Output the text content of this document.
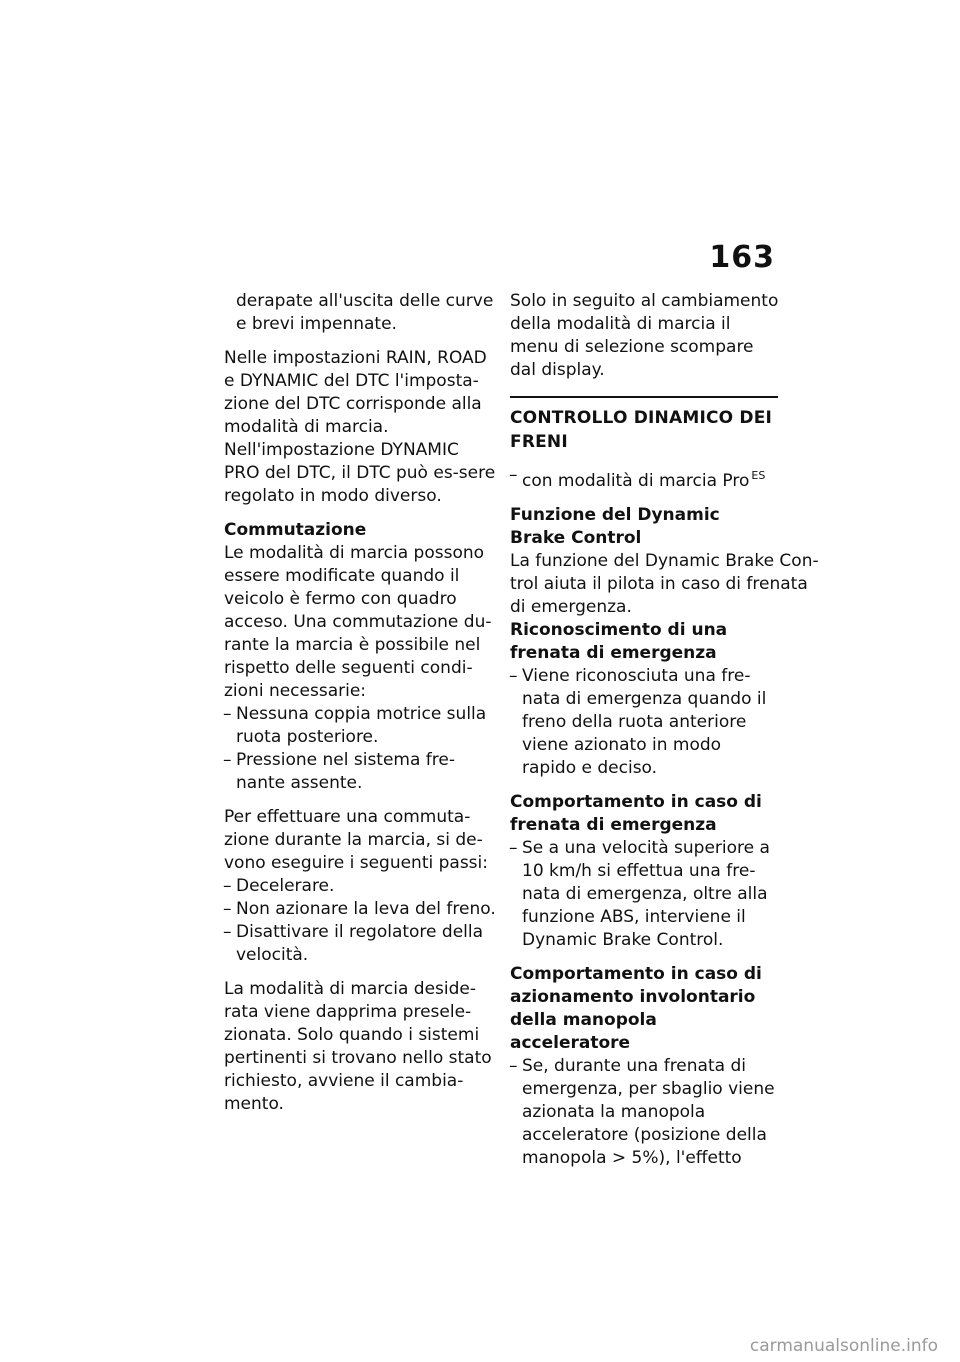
163

derapate all'uscita delle curve e brevi impennate.

Nelle impostazioni RAIN, ROAD e DYNAMIC del DTC l'imposta-zione del DTC corrisponde alla modalità di marcia.

Nell'impostazione DYNAMIC PRO del DTC, il DTC può es-sere regolato in modo diverso.

Commutazione

Le modalità di marcia possono essere modificate quando il veicolo è fermo con quadro acceso. Una commutazione du-rante la marcia è possibile nel rispetto delle seguenti condi-zioni necessarie:

– Nessuna coppia motrice sulla ruota posteriore.

– Pressione nel sistema fre-nante assente.

Per effettuare una commuta-zione durante la marcia, si de-vono eseguire i seguenti passi:

– Decelerare.

– Non azionare la leva del freno.

– Disattivare il regolatore della velocità.

La modalità di marcia deside-rata viene dapprima presele-zionata. Solo quando i sistemi pertinenti si trovano nello stato richiesto, avviene il cambia-mento.

Solo in seguito al cambiamento della modalità di marcia il menu di selezione scompare dal display.

CONTROLLO DINAMICO DEI FRENI

– con modalità di marcia Pro $^{ES}$

Funzione del Dynamic Brake Control

La funzione del Dynamic Brake Con-trol aiuta il pilota in caso di frenata di emergenza.

Riconoscimento di una frenata di emergenza

– Viene riconosciuta una fre-nata di emergenza quando il freno della ruota anteriore viene azionato in modo rapido e deciso.

Comportamento in caso di frenata di emergenza

– Se a una velocità superiore a 10 km/h si effettua una fre-nata di emergenza, oltre alla funzione ABS, interviene il Dynamic Brake Control.

Comportamento in caso di azionamento involontario della manopola acceleratore

– Se, durante una frenata di emergenza, per sbaglio viene azionata la manopola acceleratore (posizione della manopola > 5%), l'effetto

carmanualsonline.info
